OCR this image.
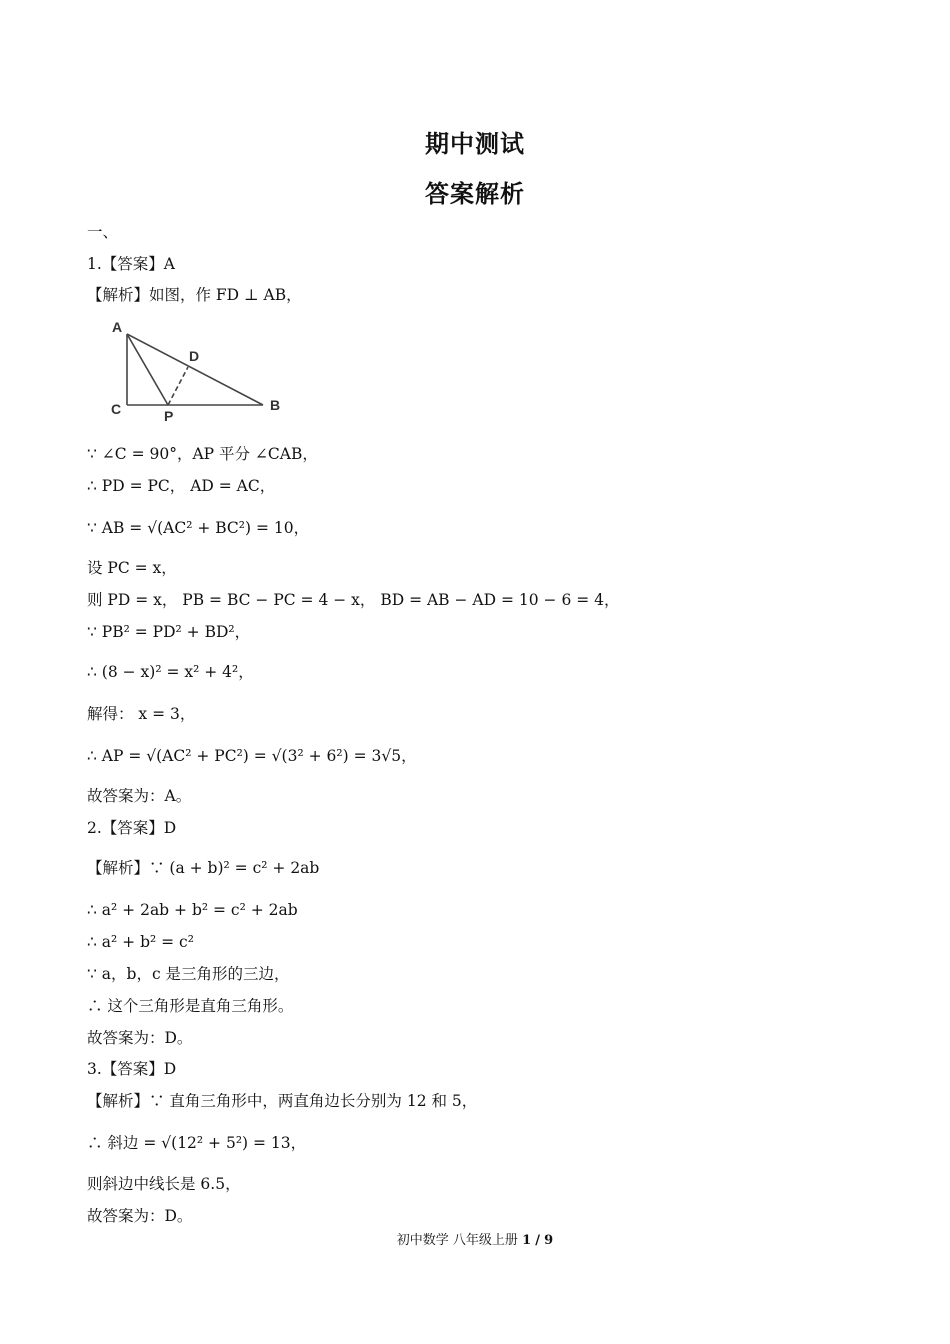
期中测试
答案解析
一、
1.【答案】A
【解析】如图，作 FD ⊥ AB，
A
D
C	P
B
∵ ∠C = 90°，AP 平分 ∠CAB，
∴ PD = PC， AD = AC，
∵ AB = √(AC² + BC²) = 10，
设 PC = x，
则 PD = x， PB = BC − PC = 4 − x， BD = AB − AD = 10 − 6 = 4，
∵ PB² = PD² + BD²，
∴ (8 − x)² = x² + 4²，
解得： x = 3，
∴ AP = √(AC² + PC²) = √(3² + 6²) = 3√5，
故答案为：A。
2.【答案】D
【解析】∵ (a + b)² = c² + 2ab
∴ a² + 2ab + b² = c² + 2ab
∴ a² + b² = c²
∵ a，b，c 是三角形的三边，
∴ 这个三角形是直角三角形。
故答案为：D。
3.【答案】D
【解析】∵ 直角三角形中，两直角边长分别为 12 和 5，
∴ 斜边 = √(12² + 5²) = 13，
则斜边中线长是 6.5，
故答案为：D。
初中数学 八年级上册 1 / 9
